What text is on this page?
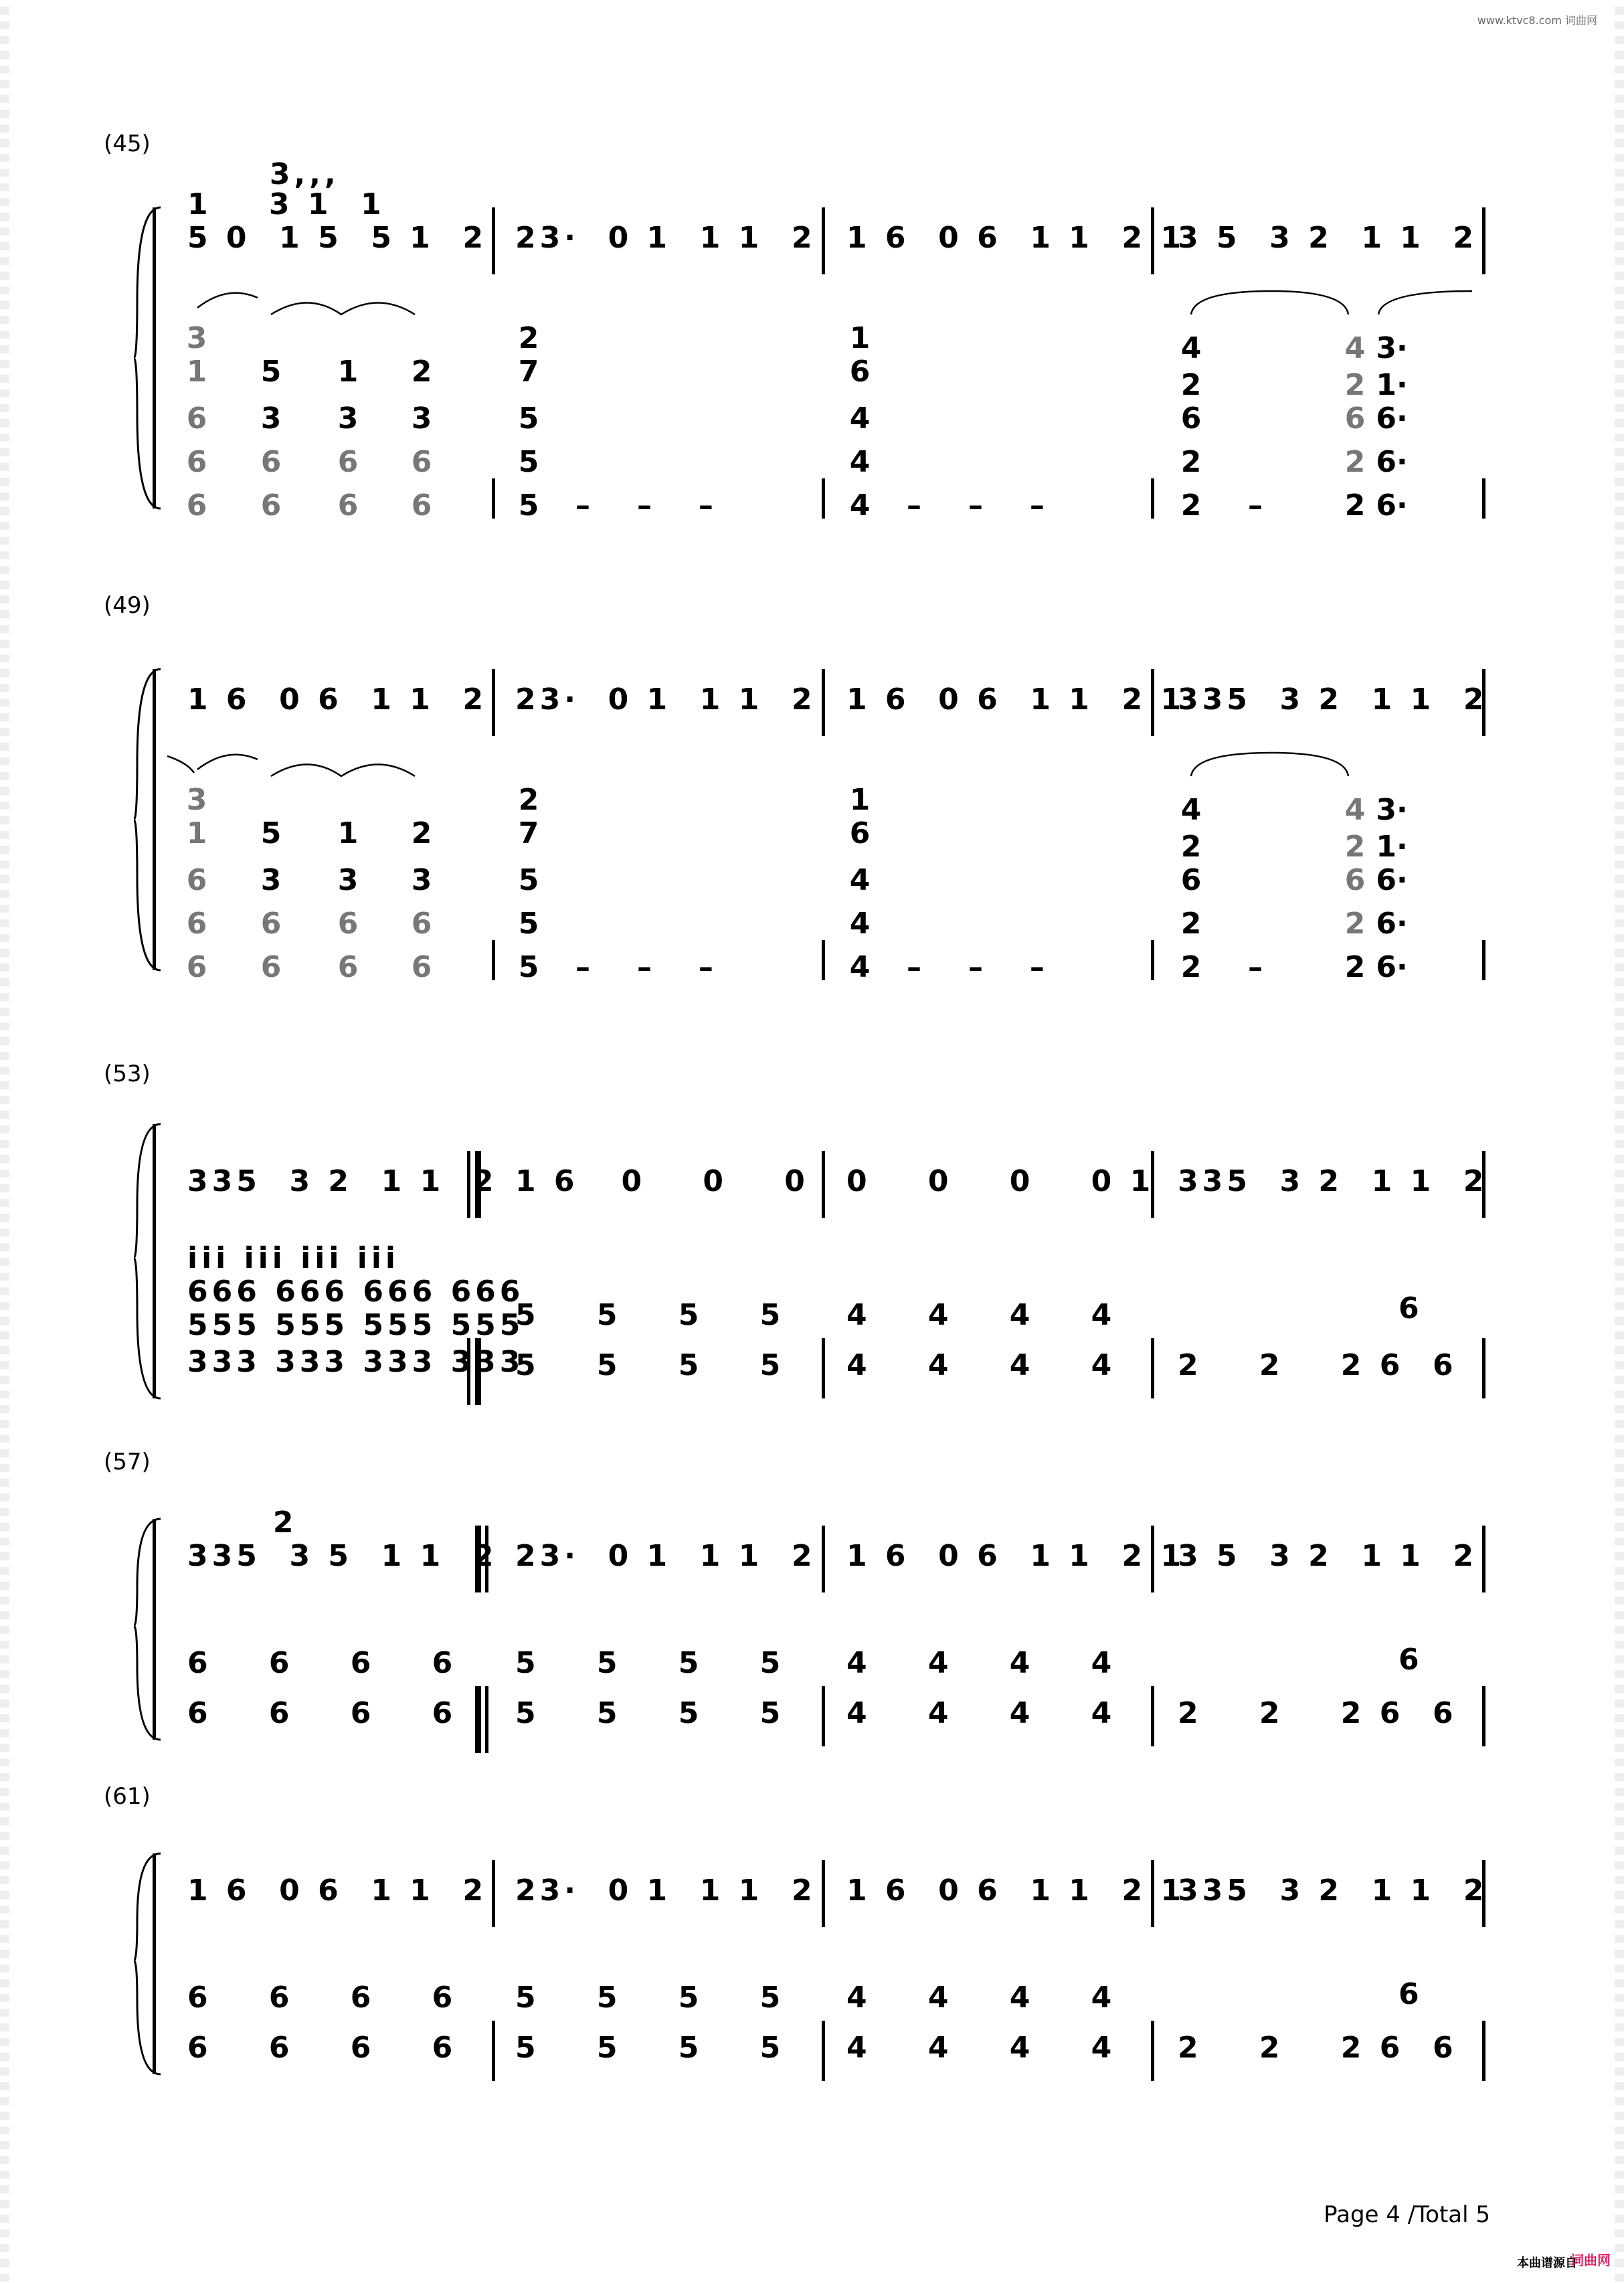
www.ktvc8.com 词曲网
(45)
3,,,
1    3 1  1
5 0  1 5  5 1  2 23·  0 1  1 1  2 1 6  0 6  1 1  2 1
3 5  3 2  1 1  2
3
1	5	1	2
6	3	3	3
6	6	6	6
6	6	6	6
2
7
5
5
5	–   –   –
1
6
4
4
4	–   –   –
4
2
6
2
2	–
4
2
6
2
2
3·
1·
6·
6·
6·
(49)
1 6  0 6  1 1  2 23·  0 1  1 1  2 1 6  0 6  1 1  2 1
335  3 2  1 1  2
3
1	5	1	2
6	3	3	3
6	6	6	6
6	6	6	6
2
7
5
5
5	–   –   –
1
6
4
4
4	–   –   –
4
2
6
2
2	–
4
2
6
2
2
3·
1·
6·
6·
6·
(53)
335  3 2  1 1  2 1 6   0    0    0 0    0    0    0 1 335  3 2  1 1  2
i̇i̇i̇ i̇i̇i̇ i̇i̇i̇ i̇i̇i̇
666 666 666 666
555 555 555 555
333 333 333 333
5    5    5    5
5    5    5    5
4    4    4    4
4    4    4    4 2    2    2 6  6
6
(57)
2
335  3 5  1 1  2 23·  0 1  1 1  2 1 6  0 6  1 1  2 1
3 5  3 2  1 1  2
6    6    6    6
6    6    6    6
5    5    5    5
5    5    5    5
4    4    4    4
4    4    4    4 2    2    2 6  6
6
(61)
1 6  0 6  1 1  2 23·  0 1  1 1  2 1 6  0 6  1 1  2 1
335  3 2  1 1  2
6    6    6    6
6    6    6    6
5    5    5    5
5    5    5    5
4    4    4    4
4    4    4    4 2    2    2 6  6
6
Page 4 /Total 5
本曲谱源自
词曲网
